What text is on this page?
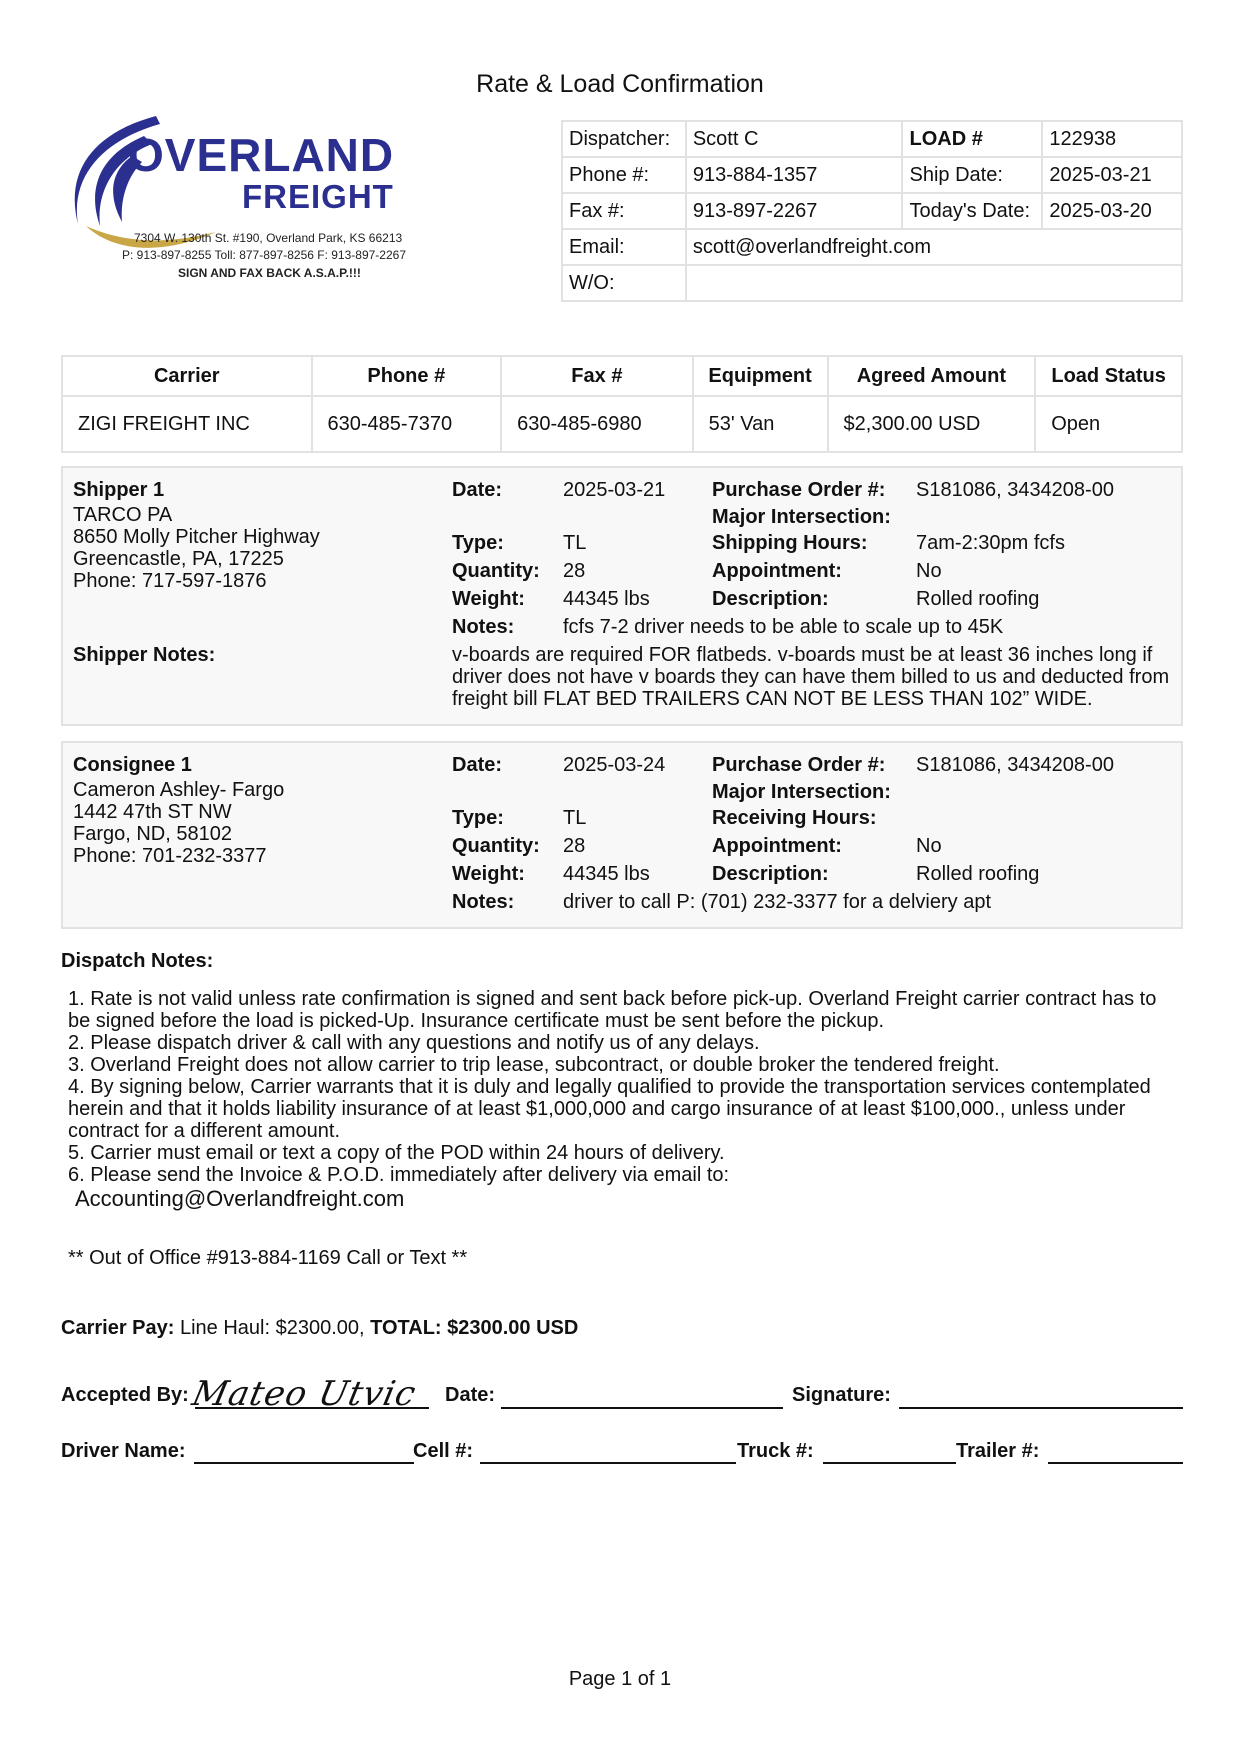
Rate & Load Confirmation
OVERLAND
FREIGHT
7304 W. 130th St. #190, Overland Park, KS 66213
P: 913-897-8255 Toll: 877-897-8256 F: 913-897-2267
SIGN AND FAX BACK A.S.A.P.!!!
Dispatcher:	Scott C	LOAD #	122938
Phone #:	913-884-1357	Ship Date:	2025-03-21
Fax #:	913-897-2267	Today's Date:	2025-03-20
Email:	scott@overlandfreight.com		
W/O:			
Carrier	Phone #	Fax #	Equipment	Agreed Amount	Load Status
ZIGI FREIGHT INC	630-485-7370	630-485-6980	53' Van	$2,300.00 USD	Open
Shipper 1
TARCO PA
8650 Molly Pitcher Highway
Greencastle, PA, 17225
Phone: 717-597-1876
Date:	2025-03-21
Type:	TL
Quantity: 28
Weight: 44345 lbs
Notes: fcfs 7-2 driver needs to be able to scale up to 45K
Purchase Order #: S181086, 3434208-00
Major Intersection:
Shipping Hours: 7am-2:30pm fcfs
Appointment:	No
Description:	Rolled roofing
Shipper Notes:	v-boards are required FOR flatbeds. v-boards must be at least 36 inches long if driver does not have v boards they can have them billed to us and deducted from freight bill FLAT BED TRAILERS CAN NOT BE LESS THAN 102” WIDE.
Consignee 1
Cameron Ashley- Fargo
1442 47th ST NW
Fargo, ND, 58102
Phone: 701-232-3377
Date:	2025-03-24
Type:	TL
Quantity: 28
Weight: 44345 lbs
Notes: driver to call P: (701) 232-3377 for a delviery apt
Purchase Order #: S181086, 3434208-00
Major Intersection:
Receiving Hours:
Appointment:	No
Description:	Rolled roofing
Dispatch Notes:

1. Rate is not valid unless rate confirmation is signed and sent back before pick-up. Overland Freight carrier contract has to be signed before the load is picked-Up. Insurance certificate must be sent before the pickup.

2. Please dispatch driver & call with any questions and notify us of any delays.

3. Overland Freight does not allow carrier to trip lease, subcontract, or double broker the tendered freight.

4. By signing below, Carrier warrants that it is duly and legally qualified to provide the transportation services contemplated herein and that it holds liability insurance of at least $1,000,000 and cargo insurance of at least $100,000., unless under contract for a different amount.

5. Carrier must email or text a copy of the POD within 24 hours of delivery.

6. Please send the Invoice & P.O.D. immediately after delivery via email to:

Accounting@Overlandfreight.com
** Out of Office #913-884-1169 Call or Text **
Carrier Pay: Line Haul: $2300.00, TOTAL: $2300.00 USD
Accepted By: Mateo Utvic Date:	Signature:
Driver Name:	Cell #:	Truck #:	Trailer #:
Page 1 of 1
